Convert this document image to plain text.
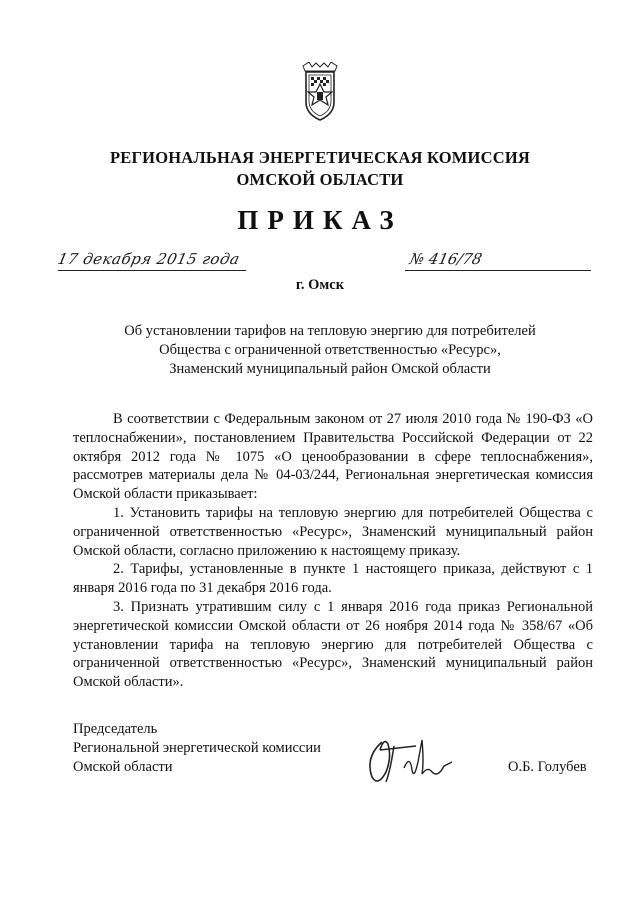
РЕГИОНАЛЬНАЯ ЭНЕРГЕТИЧЕСКАЯ КОМИССИЯ
ОМСКОЙ ОБЛАСТИ
ПРИКАЗ
17 декабря 2015 года	№ 416/78
г. Омск
Об установлении тарифов на тепловую энергию для потребителей
Общества с ограниченной ответственностью «Ресурс»,
Знаменский муниципальный район Омской области

В соответствии с Федеральным законом от 27 июля 2010 года № 190-ФЗ «О теплоснабжении», постановлением Правительства Российской Федерации от 22 октября 2012 года № 1075 «О ценообразовании в сфере теплоснабжения», рассмотрев материалы дела № 04-03/244, Региональная энергетическая комиссия Омской области приказывает:

1. Установить тарифы на тепловую энергию для потребителей Общества с ограниченной ответственностью «Ресурс», Знаменский муниципальный район Омской области, согласно приложению к настоящему приказу.

2. Тарифы, установленные в пункте 1 настоящего приказа, действуют с 1 января 2016 года по 31 декабря 2016 года.

3. Признать утратившим силу с 1 января 2016 года приказ Региональной энергетической комиссии Омской области от 26 ноября 2014 года № 358/67 «Об установлении тарифа на тепловую энергию для потребителей Общества с ограниченной ответственностью «Ресурс», Знаменский муниципальный район Омской области».

Председатель
Региональной энергетической комиссии
Омской области	О.Б. Голубев
